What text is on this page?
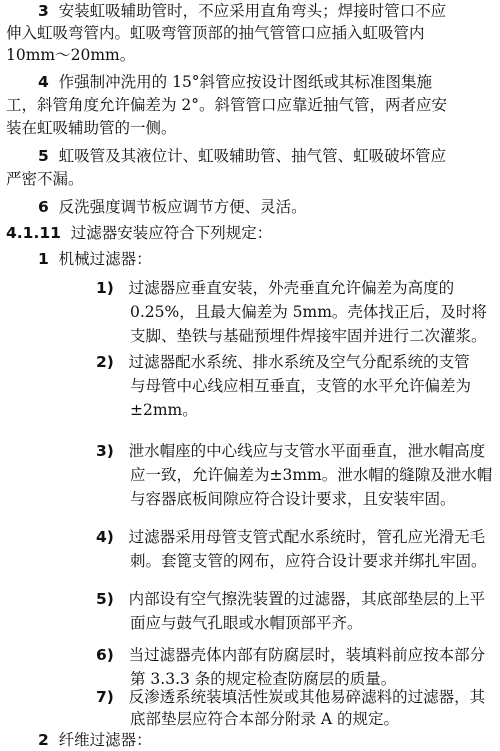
3 安装虹吸辅助管时，不应采用直角弯头；焊接时管口不应
伸入虹吸弯管内。虹吸弯管顶部的抽气管管口应插入虹吸管内
10mm～20mm。
4 作强制冲洗用的 15°斜管应按设计图纸或其标准图集施
工，斜管角度允许偏差为 2°。斜管管口应靠近抽气管，两者应安
装在虹吸辅助管的一侧。
5 虹吸管及其液位计、虹吸辅助管、抽气管、虹吸破坏管应
严密不漏。
6 反洗强度调节板应调节方便、灵活。
4.1.11 过滤器安装应符合下列规定：
1 机械过滤器：
1) 过滤器应垂直安装，外壳垂直允许偏差为高度的
0.25%，且最大偏差为 5mm。壳体找正后，及时将
支脚、垫铁与基础预埋件焊接牢固并进行二次灌浆。
2) 过滤器配水系统、排水系统及空气分配系统的支管
与母管中心线应相互垂直，支管的水平允许偏差为
±2mm。
3) 泄水帽座的中心线应与支管水平面垂直，泄水帽高度
应一致，允许偏差为±3mm。泄水帽的缝隙及泄水帽
与容器底板间隙应符合设计要求，且安装牢固。
4) 过滤器采用母管支管式配水系统时，管孔应光滑无毛
刺。套篦支管的网布，应符合设计要求并绑扎牢固。
5) 内部设有空气擦洗装置的过滤器，其底部垫层的上平
面应与鼓气孔眼或水帽顶部平齐。
6) 当过滤器壳体内部有防腐层时，装填料前应按本部分
第 3.3.3 条的规定检查防腐层的质量。
7) 反渗透系统装填活性炭或其他易碎滤料的过滤器，其
底部垫层应符合本部分附录 A 的规定。
2 纤维过滤器：
